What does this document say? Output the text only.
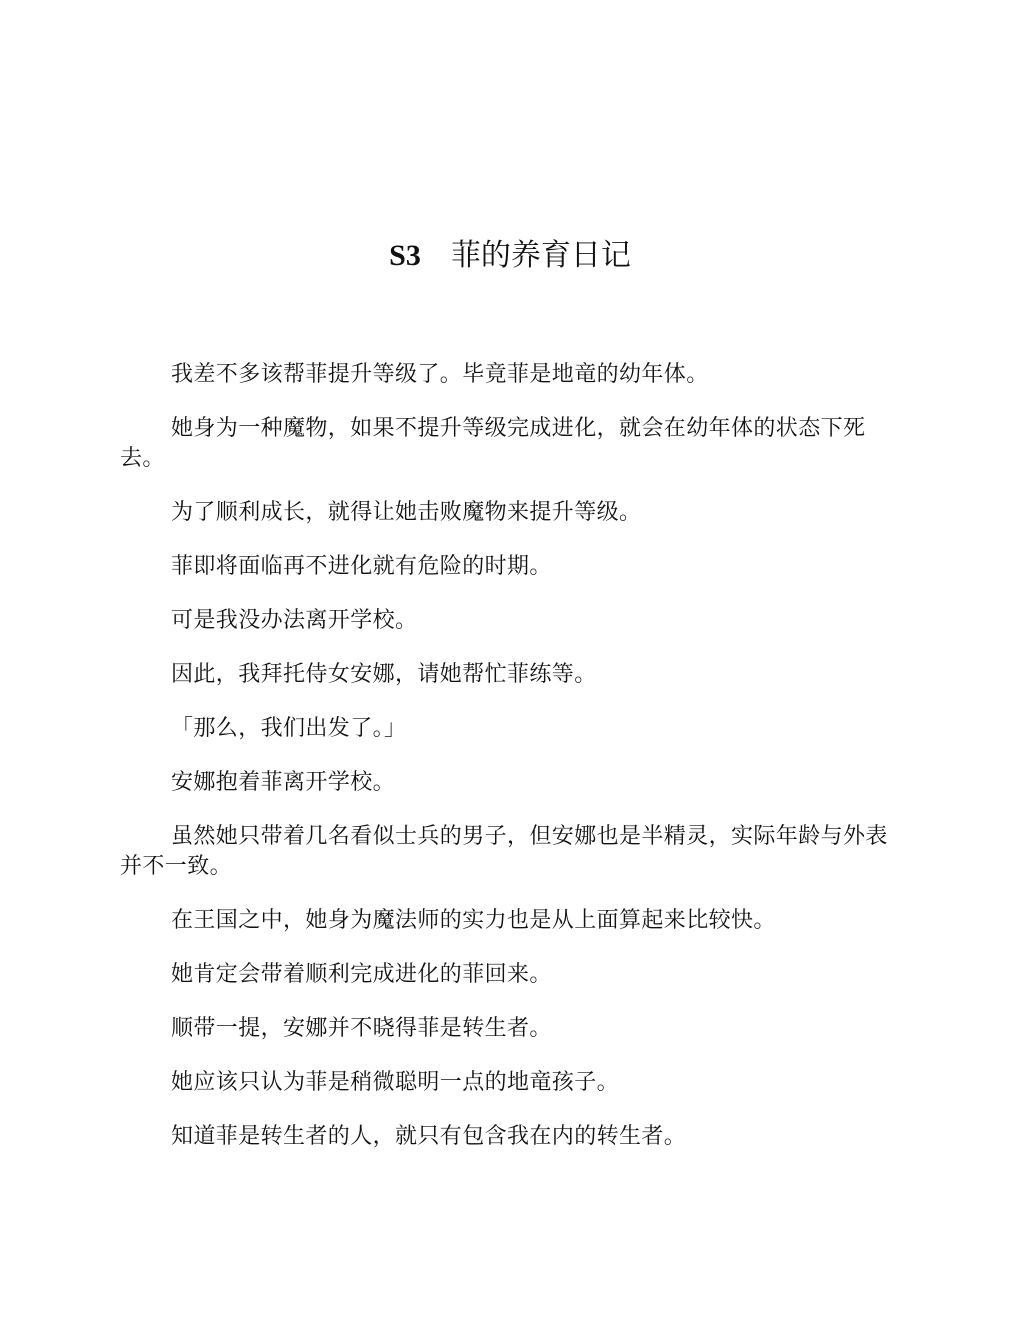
S3 菲的养育日记

我差不多该帮菲提升等级了。毕竟菲是地竜的幼年体。

她身为一种魔物，如果不提升等级完成进化，就会在幼年体的状态下死去。

为了顺利成长，就得让她击败魔物来提升等级。

菲即将面临再不进化就有危险的时期。

可是我没办法离开学校。

因此，我拜托侍女安娜，请她帮忙菲练等。

「那么，我们出发了。」

安娜抱着菲离开学校。

虽然她只带着几名看似士兵的男子，但安娜也是半精灵，实际年龄与外表并不一致。

在王国之中，她身为魔法师的实力也是从上面算起来比较快。

她肯定会带着顺利完成进化的菲回来。

顺带一提，安娜并不晓得菲是转生者。

她应该只认为菲是稍微聪明一点的地竜孩子。

知道菲是转生者的人，就只有包含我在内的转生者。
